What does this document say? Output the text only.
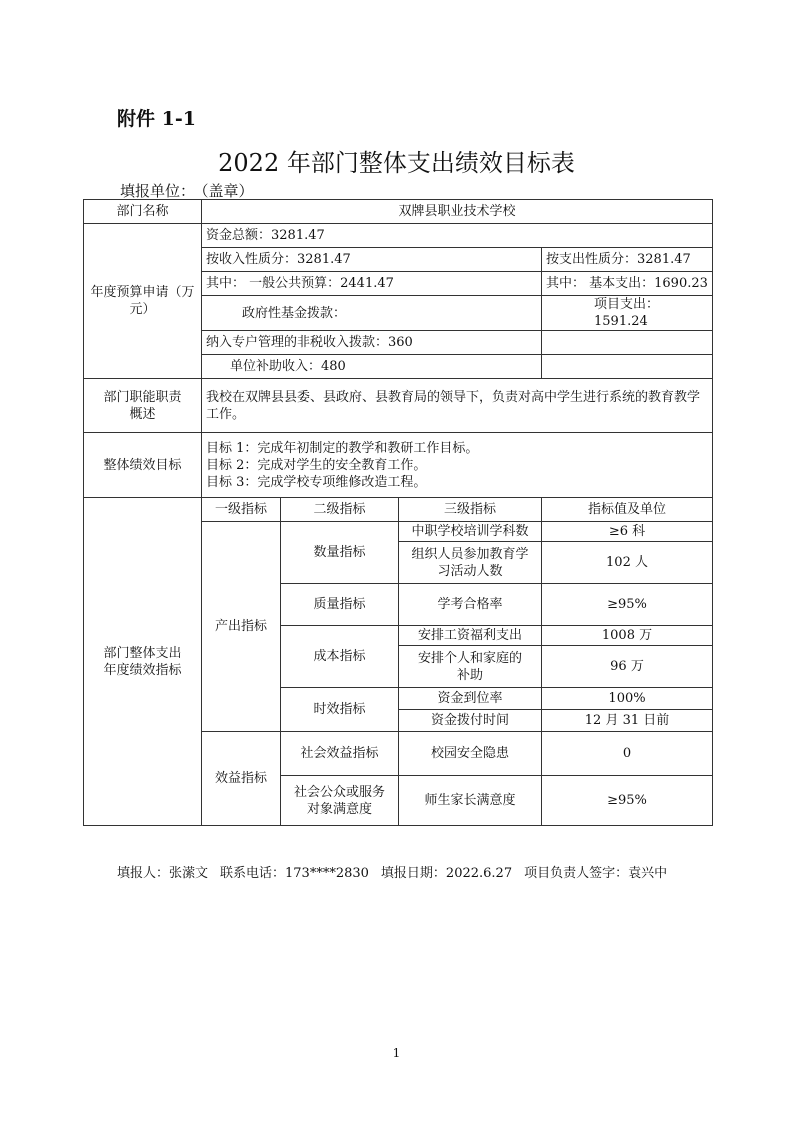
附件 1-1
2022 年部门整体支出绩效目标表
填报单位： （盖章）
部门名称	双牌县职业技术学校			
年度预算申请（万元）	资金总额：3281.47			
	按收入性质分：3281.47			按支出性质分：3281.47
	其中： 一般公共预算：2441.47			其中： 基本支出：1690.23
	政府性基金拨款：			项目支出：1591.24
	纳入专户管理的非税收入拨款：360			
	单位补助收入：480			
部门职能职责概述	我校在双牌县县委、县政府、县教育局的领导下，负责对高中学生进行系统的教育教学工作。			
整体绩效目标	目标 1：完成年初制定的教学和教研工作目标。
目标 2：完成对学生的安全教育工作。
目标 3：完成学校专项维修改造工程。			

部门整体支出年度绩效指标	一级指标	二级指标	三级指标	指标值及单位
	产出指标	数量指标	中职学校培训学科数	≥6 科
			组织人员参加教育学习活动人数	102 人
		质量指标	学考合格率	≥95%
		成本指标	安排工资福利支出	1008 万
			安排个人和家庭的补助	96 万
		时效指标	资金到位率	100%
			资金拨付时间	12 月 31 日前
	效益指标	社会效益指标	校园安全隐患	0
		社会公众或服务对象满意度	师生家长满意度	≥95%
填报人：张潆文 联系电话：173****2830 填报日期：2022.6.27 项目负责人签字：袁兴中
1
